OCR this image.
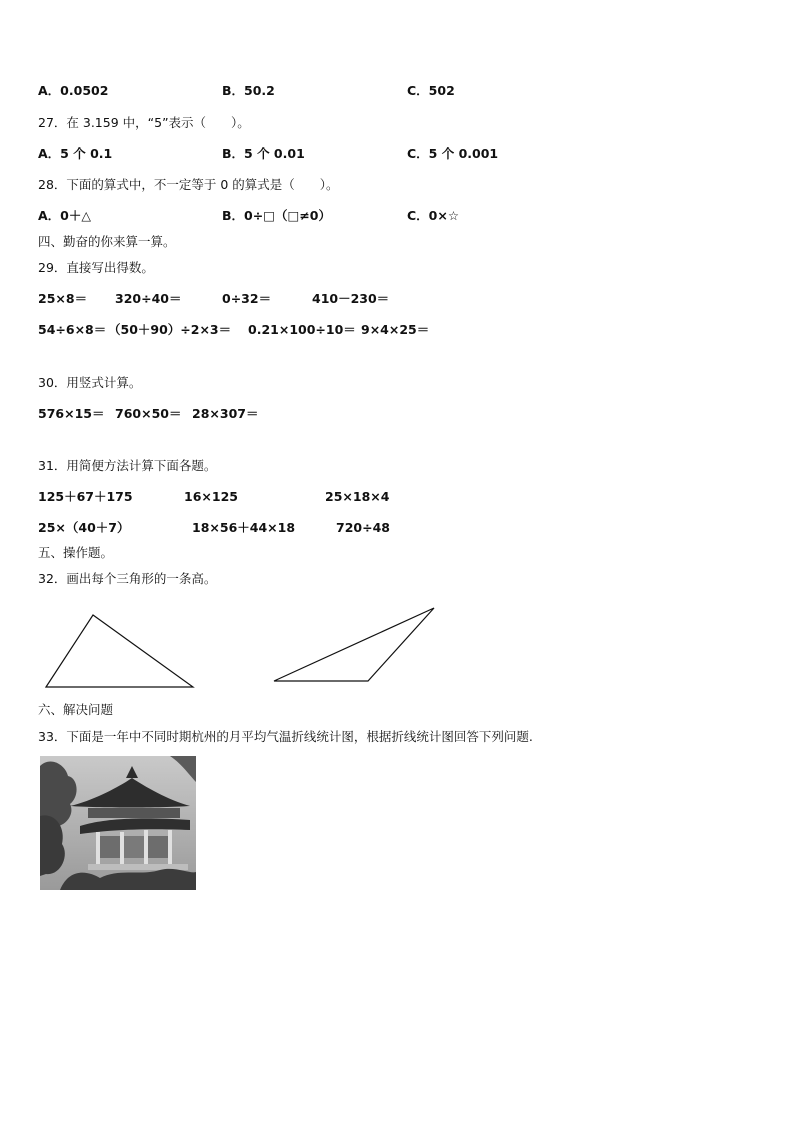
A．0.0502	B．50.2	C．502
27．在 3.159 中，“5”表示（　　）。
A．5 个 0.1	B．5 个 0.01	C．5 个 0.001
28．下面的算式中，不一定等于 0 的算式是（　　）。
A．0＋△	B．0÷□（□≠0）	C．0×☆
四、勤奋的你来算一算。
29．直接写出得数。
25×8＝ 320÷40＝	0÷32＝	410－230＝
54÷6×8＝ （50＋90）÷2×3＝ 0.21×100÷10＝ 9×4×25＝
30．用竖式计算。
576×15＝ 760×50＝ 28×307＝
31．用简便方法计算下面各题。
125＋67＋175	16×125	25×18×4
25×（40＋7）	18×56＋44×18	720÷48
五、操作题。
32．画出每个三角形的一条高。
六、解决问题
33．下面是一年中不同时期杭州的月平均气温折线统计图，根据折线统计图回答下列问题.
